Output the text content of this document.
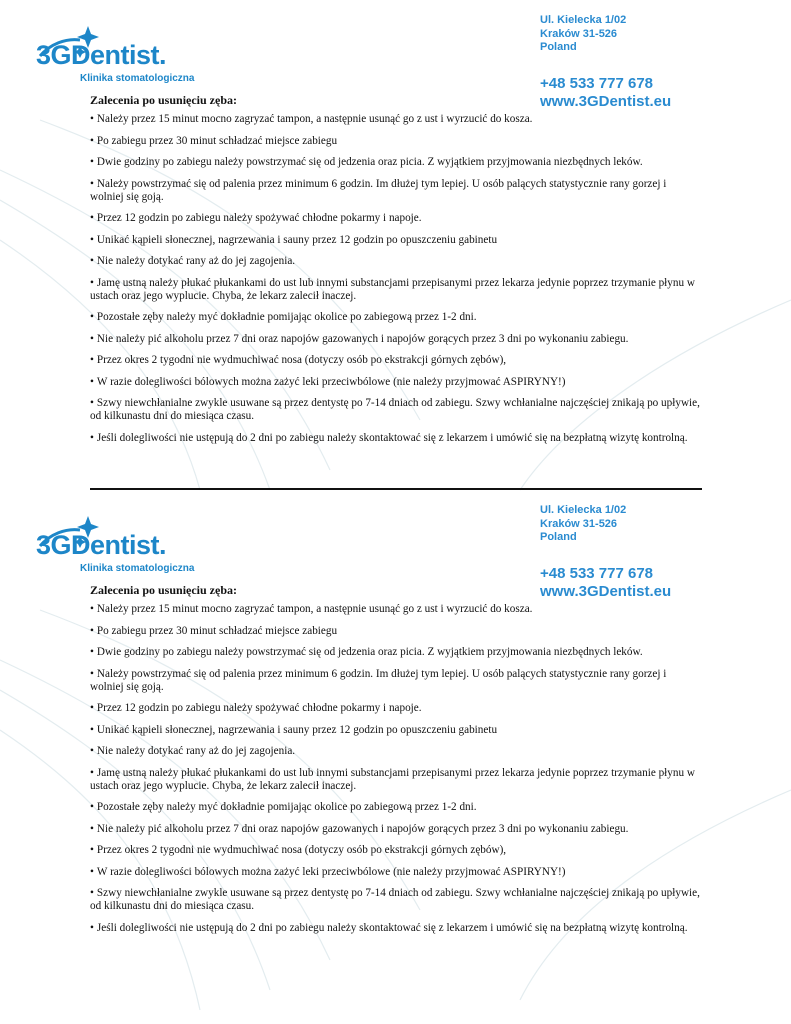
3GDentist.
Klinika stomatologiczna
Ul. Kielecka 1/02
Kraków 31-526
Poland
+48 533 777 678
www.3GDentist.eu
Zalecenia po usunięciu zęba:
• Należy przez 15 minut mocno zagryzać tampon, a następnie usunąć go z ust i wyrzucić do kosza.
• Po zabiegu przez 30 minut schładzać miejsce zabiegu
• Dwie godziny po zabiegu należy powstrzymać się od jedzenia oraz picia. Z wyjątkiem przyjmowania niezbędnych leków.
• Należy powstrzymać się od palenia przez minimum 6 godzin. Im dłużej tym lepiej. U osób palących statystycznie rany gorzej i wolniej się goją.
• Przez 12 godzin po zabiegu należy spożywać chłodne pokarmy i napoje.
• Unikać kąpieli słonecznej, nagrzewania i sauny przez 12 godzin po opuszczeniu gabinetu
• Nie należy dotykać rany aż do jej zagojenia.
• Jamę ustną należy płukać płukankami do ust lub innymi substancjami przepisanymi przez lekarza jedynie poprzez trzymanie płynu w ustach oraz jego wyplucie. Chyba, że lekarz zalecił inaczej.
• Pozostałe zęby należy myć dokładnie pomijając okolice po zabiegową przez 1-2 dni.
• Nie należy pić alkoholu przez 7 dni oraz napojów gazowanych i napojów gorących przez 3 dni po wykonaniu zabiegu.
• Przez okres 2 tygodni nie wydmuchiwać nosa (dotyczy osób po ekstrakcji górnych zębów),
• W razie dolegliwości bólowych można zażyć leki przeciwbólowe (nie należy przyjmować ASPIRYNY!)
• Szwy niewchłanialne zwykle usuwane są przez dentystę po 7-14 dniach od zabiegu. Szwy wchłanialne najczęściej znikają po upływie, od kilkunastu dni do miesiąca czasu.
• Jeśli dolegliwości nie ustępują do 2 dni po zabiegu należy skontaktować się z lekarzem i umówić się na bezpłatną wizytę kontrolną.
3GDentist.
Klinika stomatologiczna
Ul. Kielecka 1/02
Kraków 31-526
Poland
+48 533 777 678
www.3GDentist.eu
Zalecenia po usunięciu zęba:
• Należy przez 15 minut mocno zagryzać tampon, a następnie usunąć go z ust i wyrzucić do kosza.
• Po zabiegu przez 30 minut schładzać miejsce zabiegu
• Dwie godziny po zabiegu należy powstrzymać się od jedzenia oraz picia. Z wyjątkiem przyjmowania niezbędnych leków.
• Należy powstrzymać się od palenia przez minimum 6 godzin. Im dłużej tym lepiej. U osób palących statystycznie rany gorzej i wolniej się goją.
• Przez 12 godzin po zabiegu należy spożywać chłodne pokarmy i napoje.
• Unikać kąpieli słonecznej, nagrzewania i sauny przez 12 godzin po opuszczeniu gabinetu
• Nie należy dotykać rany aż do jej zagojenia.
• Jamę ustną należy płukać płukankami do ust lub innymi substancjami przepisanymi przez lekarza jedynie poprzez trzymanie płynu w ustach oraz jego wyplucie. Chyba, że lekarz zalecił inaczej.
• Pozostałe zęby należy myć dokładnie pomijając okolice po zabiegową przez 1-2 dni.
• Nie należy pić alkoholu przez 7 dni oraz napojów gazowanych i napojów gorących przez 3 dni po wykonaniu zabiegu.
• Przez okres 2 tygodni nie wydmuchiwać nosa (dotyczy osób po ekstrakcji górnych zębów),
• W razie dolegliwości bólowych można zażyć leki przeciwbólowe (nie należy przyjmować ASPIRYNY!)
• Szwy niewchłanialne zwykle usuwane są przez dentystę po 7-14 dniach od zabiegu. Szwy wchłanialne najczęściej znikają po upływie, od kilkunastu dni do miesiąca czasu.
• Jeśli dolegliwości nie ustępują do 2 dni po zabiegu należy skontaktować się z lekarzem i umówić się na bezpłatną wizytę kontrolną.
